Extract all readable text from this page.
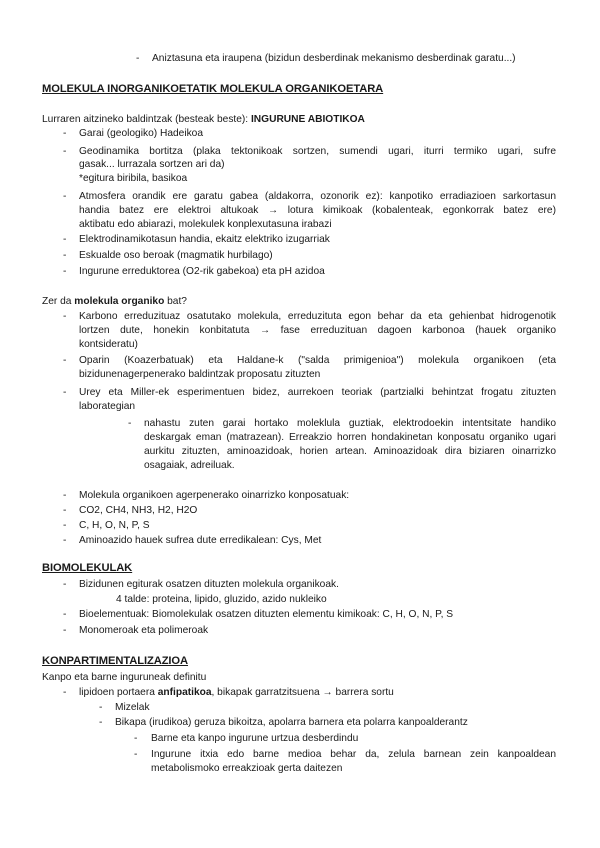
- Aniztasuna eta iraupena (bizidun desberdinak mekanismo desberdinak garatu...)
MOLEKULA INORGANIKOETATIK MOLEKULA ORGANIKOETARA
Lurraren aitzineko baldintzak (besteak beste): INGURUNE ABIOTIKOA
- Garai (geologiko) Hadeikoa
- Geodinamika bortitza (plaka tektonikoak sortzen, sumendi ugari, iturri termiko ugari, sufre
gasak... lurrazala sortzen ari da)
*egitura biribila, basikoa
- Atmosfera orandik ere garatu gabea (aldakorra, ozonorik ez): kanpotiko erradiazioen sarkortasun
handia batez ere elektroi altukoak → lotura kimikoak (kobalenteak, egonkorrak batez ere)
aktibatu edo abiarazi, molekulek konplexutasuna irabazi
- Elektrodinamikotasun handia, ekaitz elektriko izugarriak
- Eskualde oso beroak (magmatik hurbilago)
- Ingurune erreduktorea (O2-rik gabekoa) eta pH azidoa
Zer da molekula organiko bat?
- Karbono erreduzituaz osatutako molekula, erreduzituta egon behar da eta gehienbat hidrogenotik
lortzen dute, honekin konbitatuta → fase erreduzituan dagoen karbonoa (hauek organiko
kontsideratu)
- Oparin (Koazerbatuak) eta Haldane-k ("salda primigenioa") molekula organikoen (eta
bizidunenagerpenerako baldintzak proposatu zituzten
- Urey eta Miller-ek esperimentuen bidez, aurrekoen teoriak (partzialki behintzat frogatu zituzten
laborategian
- nahastu zuten garai hortako moleklula guztiak, elektrodoekin intentsitate handiko
deskargak eman (matrazean). Erreakzio horren hondakinetan konposatu organiko ugari
aurkitu zituzten, aminoazidoak, horien artean. Aminoazidoak dira biziaren oinarrizko
osagaiak, adreiluak.
- Molekula organikoen agerpenerako oinarrizko konposatuak:
- CO2, CH4, NH3, H2, H2O
- C, H, O, N, P, S
- Aminoazido hauek sufrea dute erredikalean: Cys, Met
BIOMOLEKULAK
- Bizidunen egiturak osatzen dituzten molekula organikoak.
4 talde: proteina, lipido, gluzido, azido nukleiko
- Bioelementuak: Biomolekulak osatzen dituzten elementu kimikoak: C, H, O, N, P, S
- Monomeroak eta polimeroak
KONPARTIMENTALIZAZIOA
Kanpo eta barne inguruneak definitu
- lipidoen portaera anfipatikoa, bikapak garratzitsuena → barrera sortu
- Mizelak
- Bikapa (irudikoa) geruza bikoitza, apolarra barnera eta polarra kanpoalderantz
- Barne eta kanpo ingurune urtzua desberdindu
- Ingurune itxia edo barne medioa behar da, zelula barnean zein kanpoaldean
metabolismoko erreakzioak gerta daitezen
